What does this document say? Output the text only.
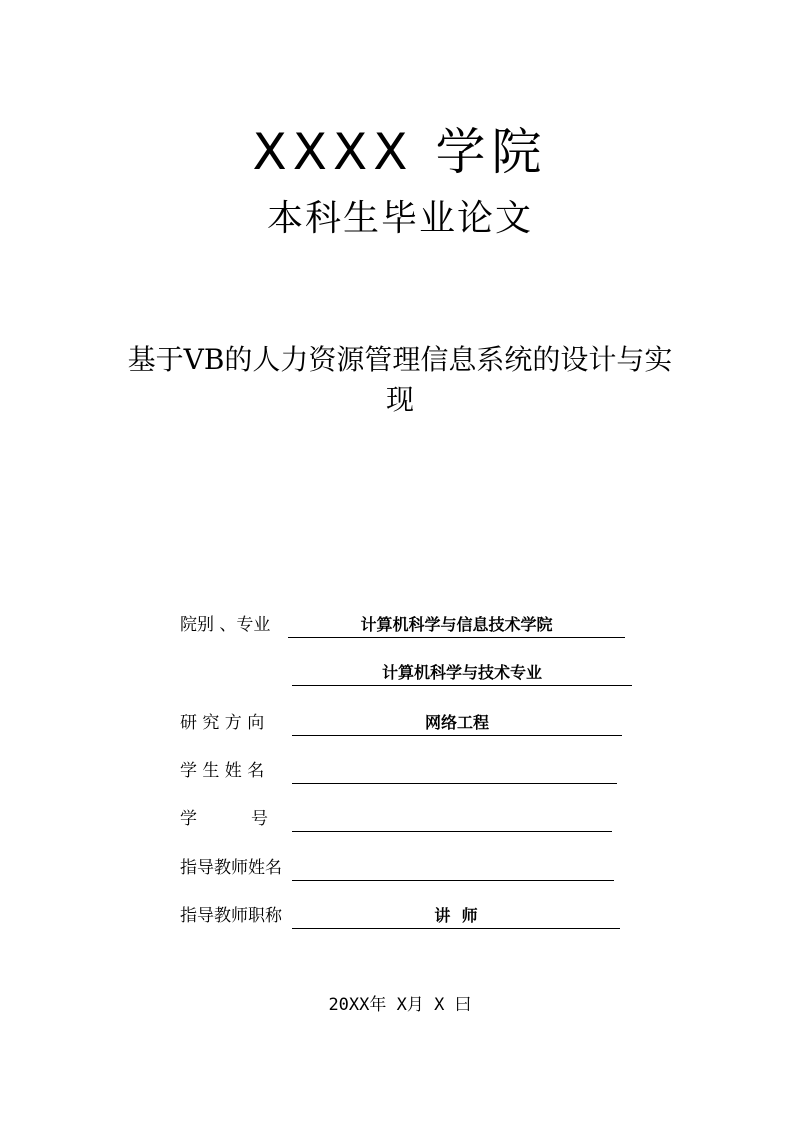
XXXX 学院
本科生毕业论文
基于VB的人力资源管理信息系统的设计与实
现
院别 、专业	计算机科学与信息技术学院
计算机科学与技术专业
研 究 方 向	网络工程
学 生 姓 名
学          号
指导教师姓名
指导教师职称	讲  师
20XX年 X月 X 曰
